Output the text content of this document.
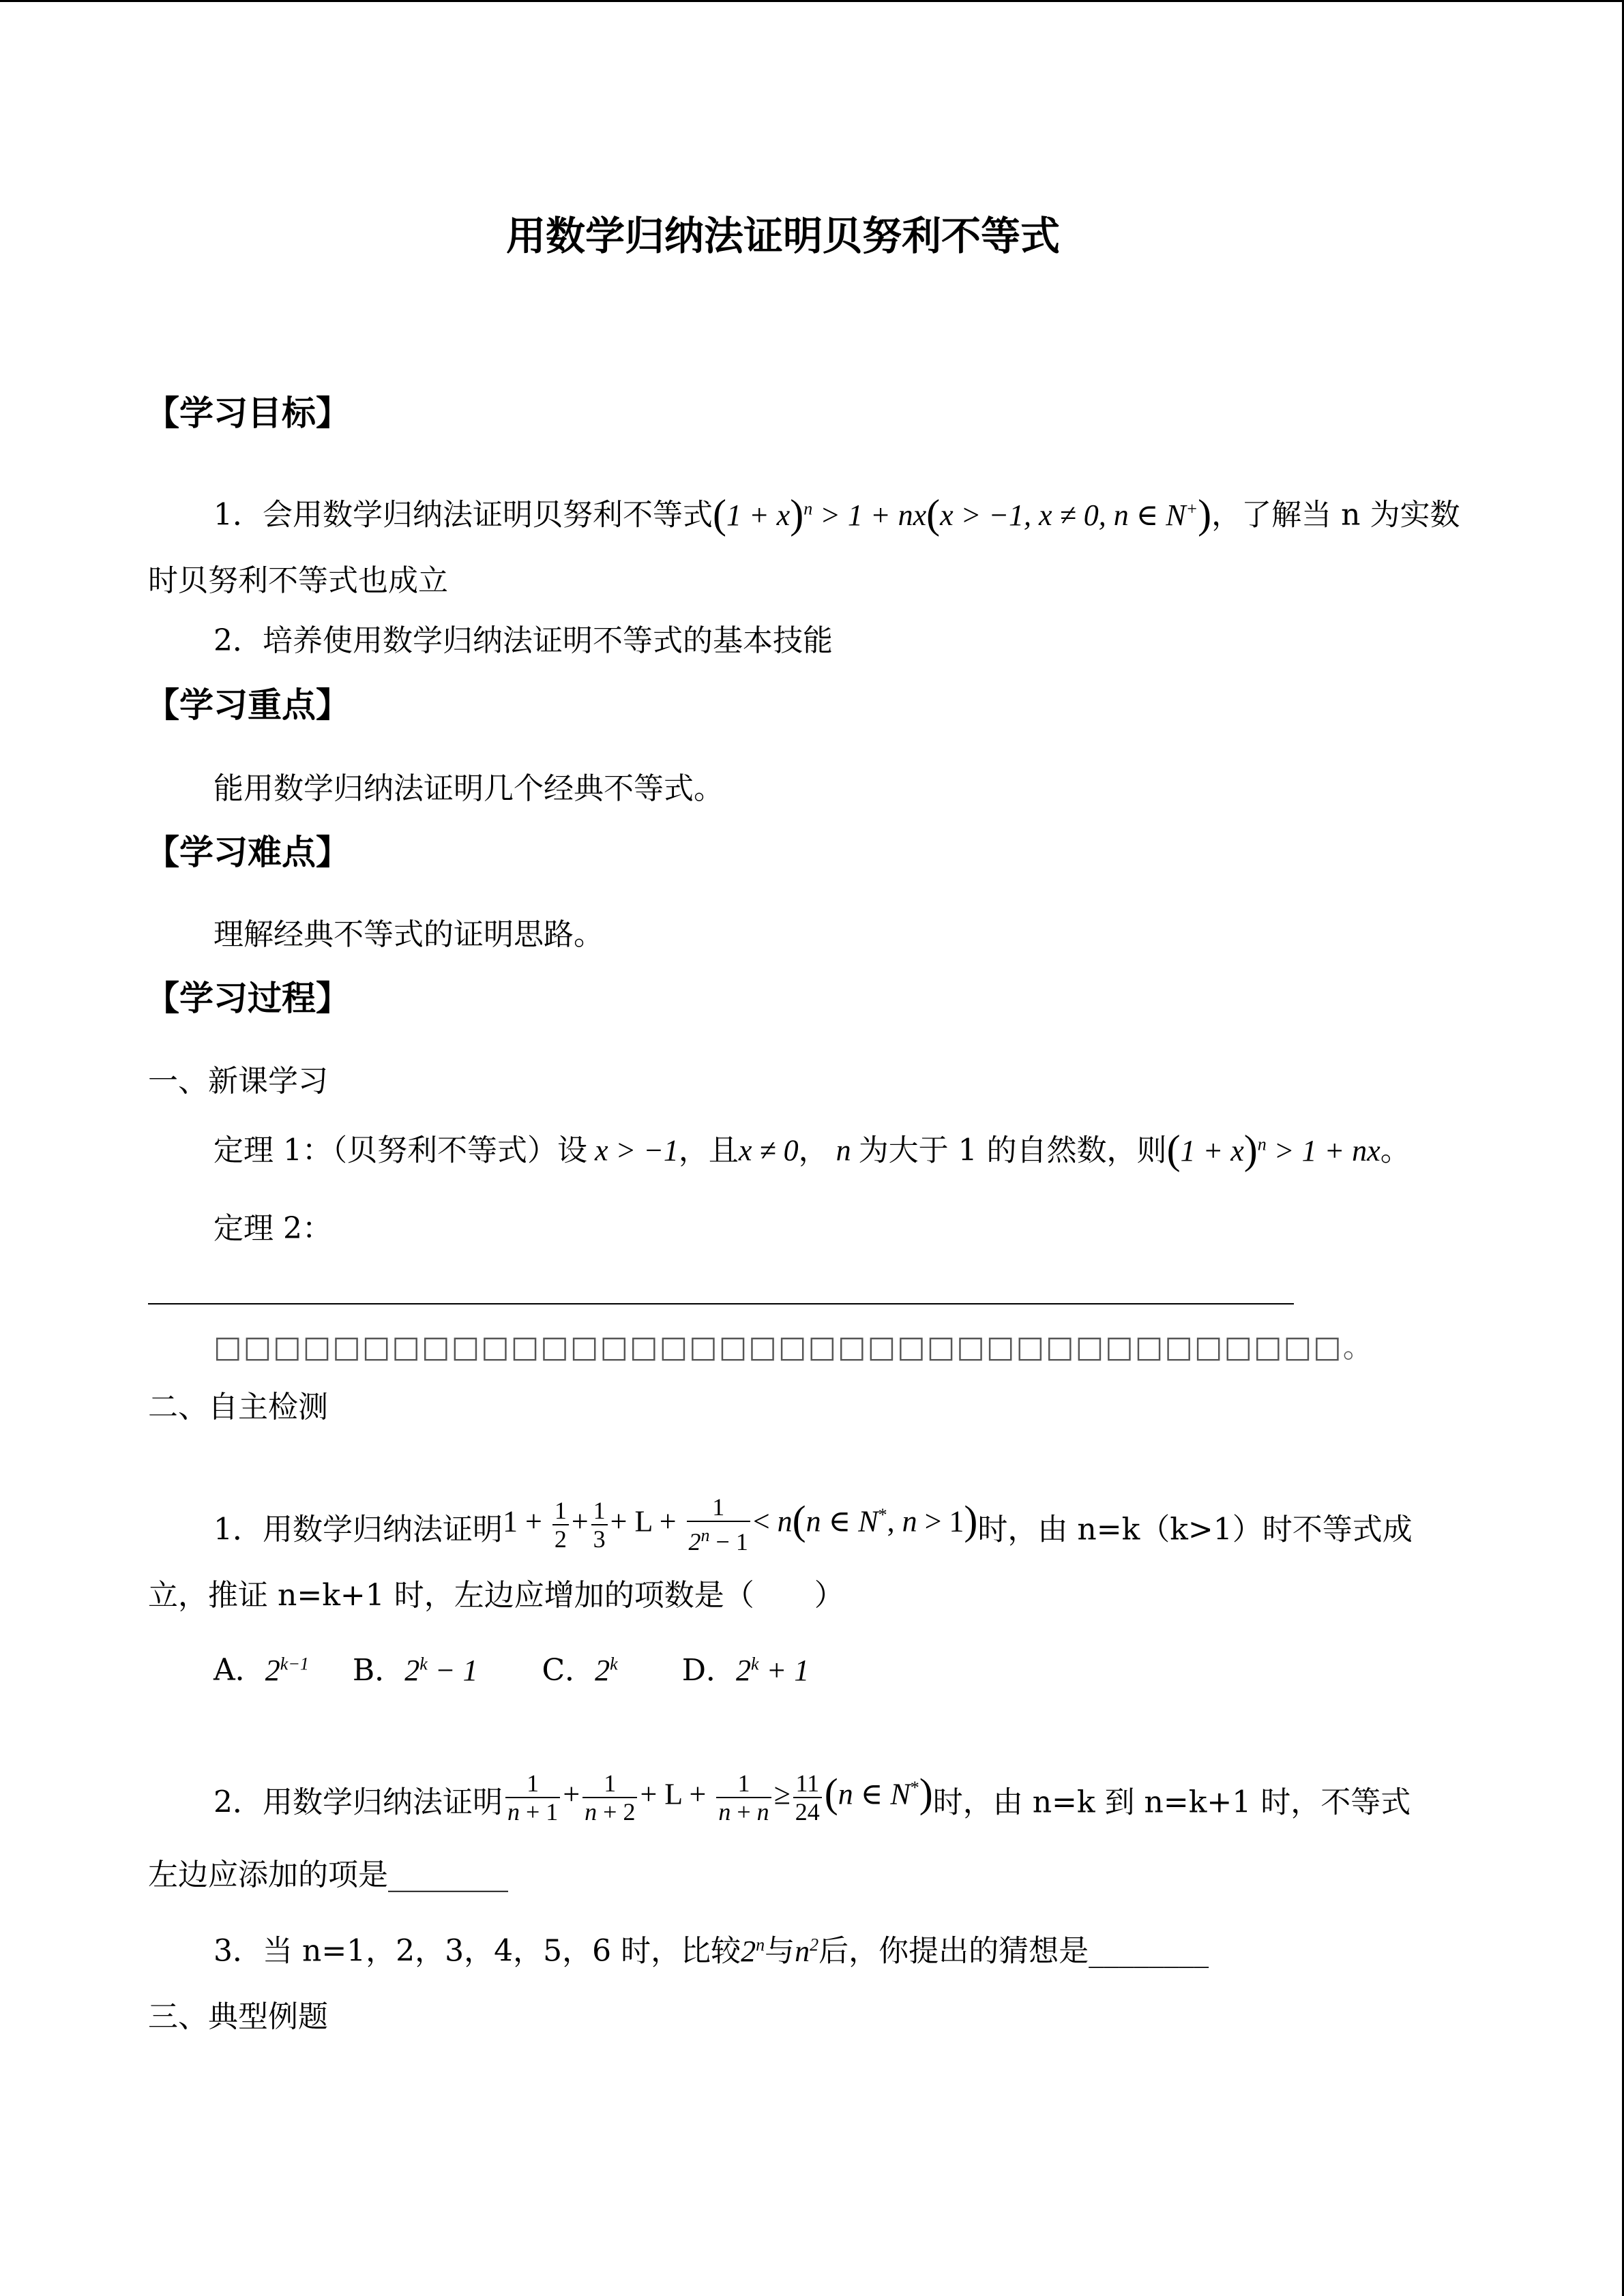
用数学归纳法证明贝努利不等式
【学习目标】
1．会用数学归纳法证明贝努利不等式$(1 + x)^n > 1 + nx(x > -1$, x ≠ 0, n ∈ N+)，了解当 n 为实数
时贝努利不等式也成立
2．培养使用数学归纳法证明不等式的基本技能
【学习重点】
能用数学归纳法证明几个经典不等式。
【学习难点】
理解经典不等式的证明思路。
【学习过程】
一、新课学习
定理 1：（贝努利不等式）设 x > −1，且x ≠ 0， n 为大于 1 的自然数，则$(1 + x)^n > 1$ + nx。
定理 2：
□□□□□□□□□□□□□□□□□□□□□□□□□□□□□□□□□□□□□□。
二、自主检测
1．用数学归纳法证明$1 + \frac{1}{2} + \frac{1}{3} + L + \frac{1}{2^n - 1} < n(n$ ∈ N*, n > 1)时，由 n=k（k>1）时不等式成
立，推证 n=k+1 时，左边应增加的项数是（　　）
A．$2^{k-1}$ B．$2^k - 1$ C．2$^k$ D．$2^k + 1$
2．用数学归纳法证明 $\frac{1}{n + 1} + \frac{1}{n + 2} + L + \frac{1}{n + n} \ge \frac{11}{24} (n$ ∈ N*)时，由 n=k 到 n=k+1 时，不等式
左边应添加的项是________
3．当 n=1，2，3，4，5，6 时，比较2$^n$与$n^2$后，你提出的猜想是________
三、典型例题
